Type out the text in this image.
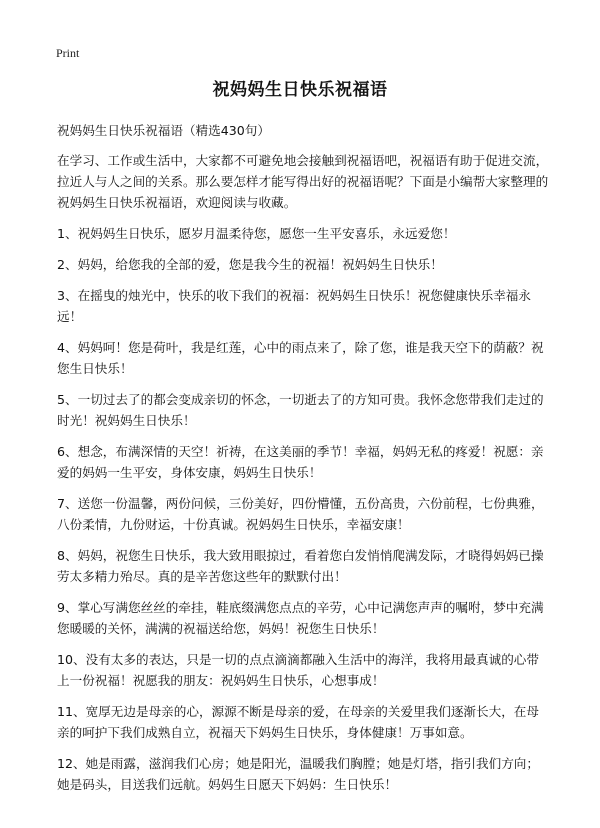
Print
祝妈妈生日快乐祝福语

祝妈妈生日快乐祝福语（精选430句）

在学习、工作或生活中，大家都不可避免地会接触到祝福语吧，祝福语有助于促进交流，拉近人与人之间的关系。那么要怎样才能写得出好的祝福语呢？下面是小编帮大家整理的祝妈妈生日快乐祝福语，欢迎阅读与收藏。

1、祝妈妈生日快乐，愿岁月温柔待您，愿您一生平安喜乐，永远爱您！

2、妈妈，给您我的全部的爱，您是我今生的祝福！祝妈妈生日快乐！

3、在摇曳的烛光中，快乐的收下我们的祝福：祝妈妈生日快乐！祝您健康快乐幸福永远！

4、妈妈呵！您是荷叶，我是红莲，心中的雨点来了，除了您，谁是我天空下的荫蔽？祝您生日快乐！

5、一切过去了的都会变成亲切的怀念，一切逝去了的方知可贵。我怀念您带我们走过的时光！祝妈妈生日快乐！

6、想念，布满深情的天空！祈祷，在这美丽的季节！幸福，妈妈无私的疼爱！祝愿：亲爱的妈妈一生平安，身体安康，妈妈生日快乐！

7、送您一份温馨，两份问候，三份美好，四份懵懂，五份高贵，六份前程，七份典雅，八份柔情，九份财运，十份真诚。祝妈妈生日快乐，幸福安康！

8、妈妈，祝您生日快乐，我大致用眼掠过，看着您白发悄悄爬满发际，才晓得妈妈已操劳太多精力殆尽。真的是辛苦您这些年的默默付出！

9、掌心写满您丝丝的牵挂，鞋底缀满您点点的辛劳，心中记满您声声的嘱咐，梦中充满您暖暖的关怀，满满的祝福送给您，妈妈！祝您生日快乐！

10、没有太多的表达，只是一切的点点滴滴都融入生活中的海洋，我将用最真诚的心带上一份祝福！祝愿我的朋友：祝妈妈生日快乐，心想事成！

11、宽厚无边是母亲的心，源源不断是母亲的爱，在母亲的关爱里我们逐渐长大，在母亲的呵护下我们成熟自立，祝福天下妈妈生日快乐，身体健康！万事如意。

12、她是雨露，滋润我们心房；她是阳光，温暖我们胸膛；她是灯塔，指引我们方向；她是码头，目送我们远航。妈妈生日愿天下妈妈：生日快乐！
